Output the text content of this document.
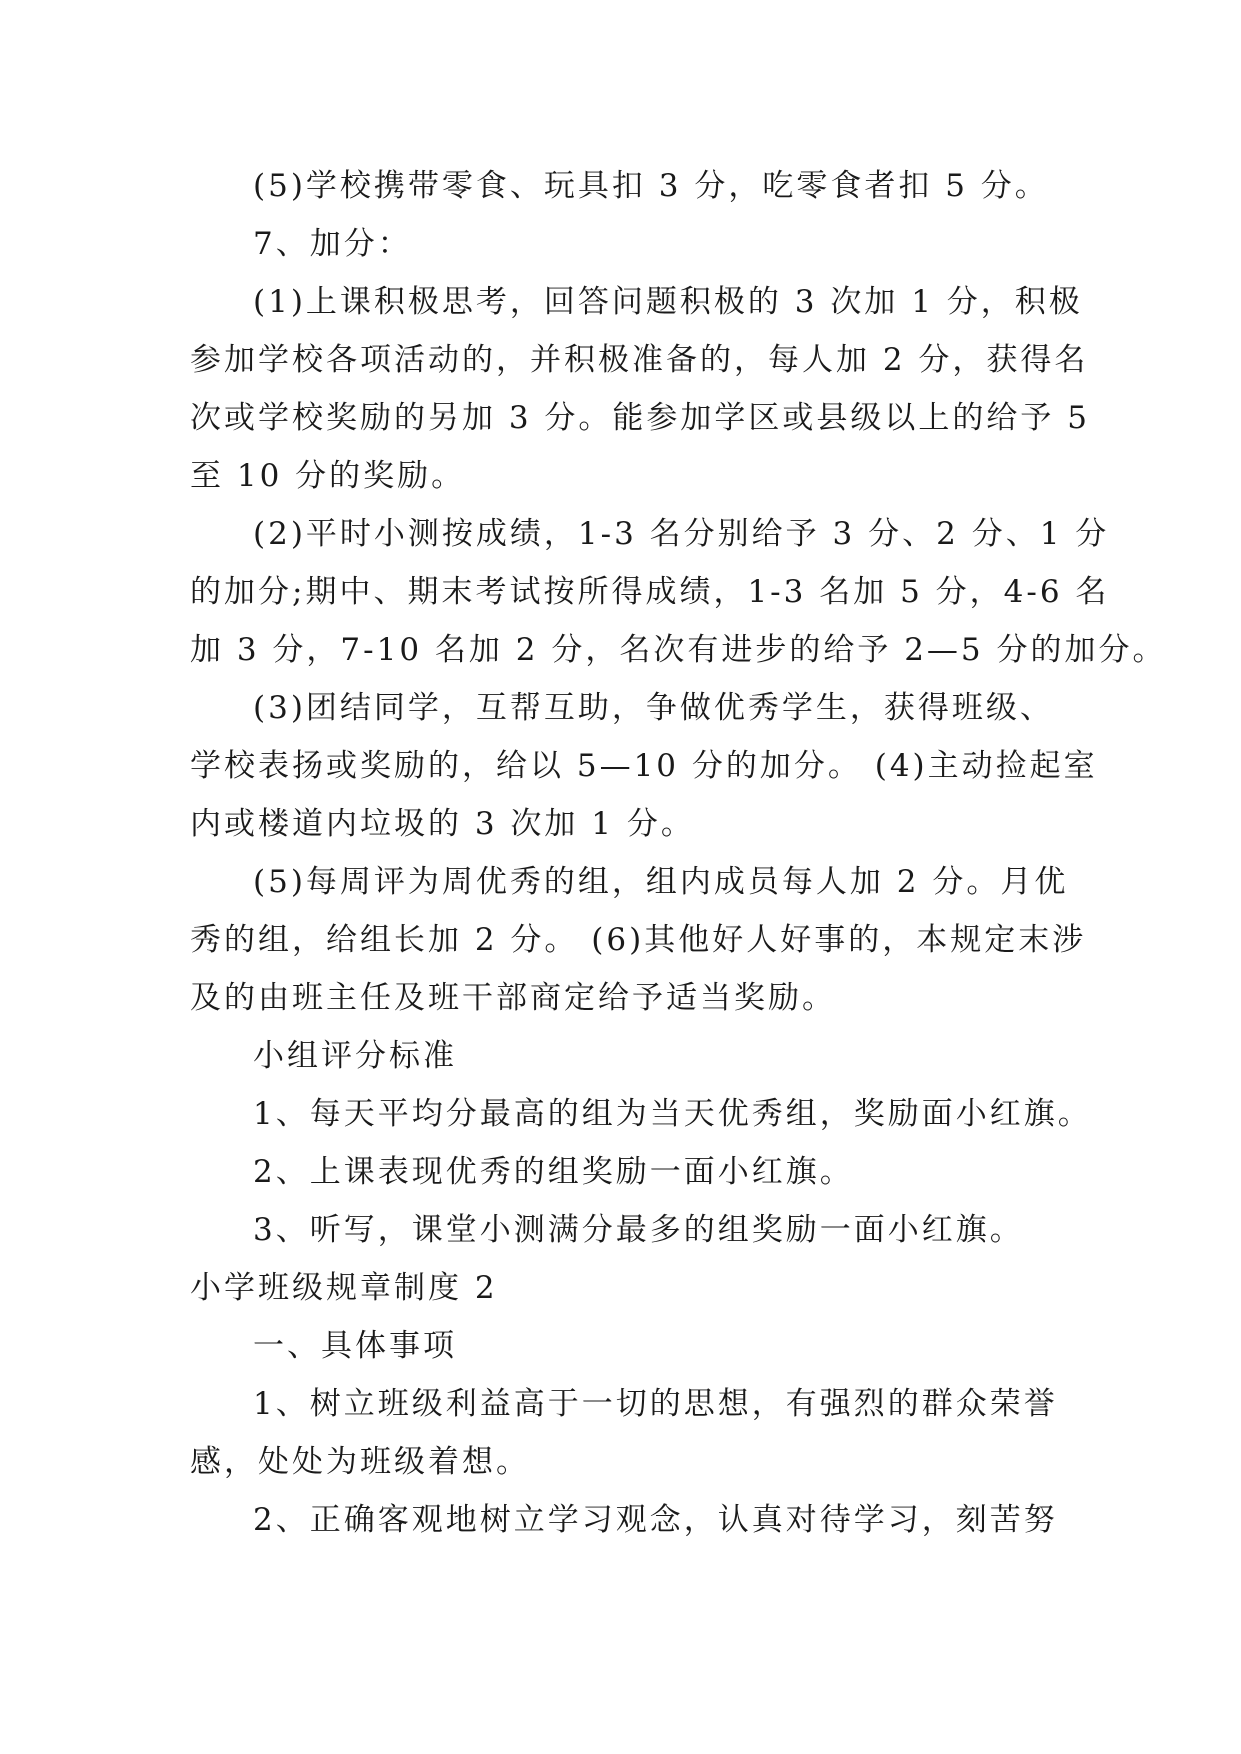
(5)学校携带零食、玩具扣 3 分，吃零食者扣 5 分。

7、加分：

(1)上课积极思考，回答问题积极的 3 次加 1 分，积极

参加学校各项活动的，并积极准备的，每人加 2 分，获得名

次或学校奖励的另加 3 分。能参加学区或县级以上的给予 5

至 10 分的奖励。

(2)平时小测按成绩，1-3 名分别给予 3 分、2 分、1 分

的加分;期中、期末考试按所得成绩，1-3 名加 5 分，4-6 名

加 3 分，7-10 名加 2 分，名次有进步的给予 2—5 分的加分。

(3)团结同学，互帮互助，争做优秀学生，获得班级、

学校表扬或奖励的，给以 5—10 分的加分。 (4)主动捡起室

内或楼道内垃圾的 3 次加 1 分。

(5)每周评为周优秀的组，组内成员每人加 2 分。月优

秀的组，给组长加 2 分。 (6)其他好人好事的，本规定末涉

及的由班主任及班干部商定给予适当奖励。

小组评分标准

1、每天平均分最高的组为当天优秀组，奖励面小红旗。

2、上课表现优秀的组奖励一面小红旗。

3、听写，课堂小测满分最多的组奖励一面小红旗。

小学班级规章制度 2

一、具体事项

1、树立班级利益高于一切的思想，有强烈的群众荣誉

感，处处为班级着想。

2、正确客观地树立学习观念，认真对待学习，刻苦努
